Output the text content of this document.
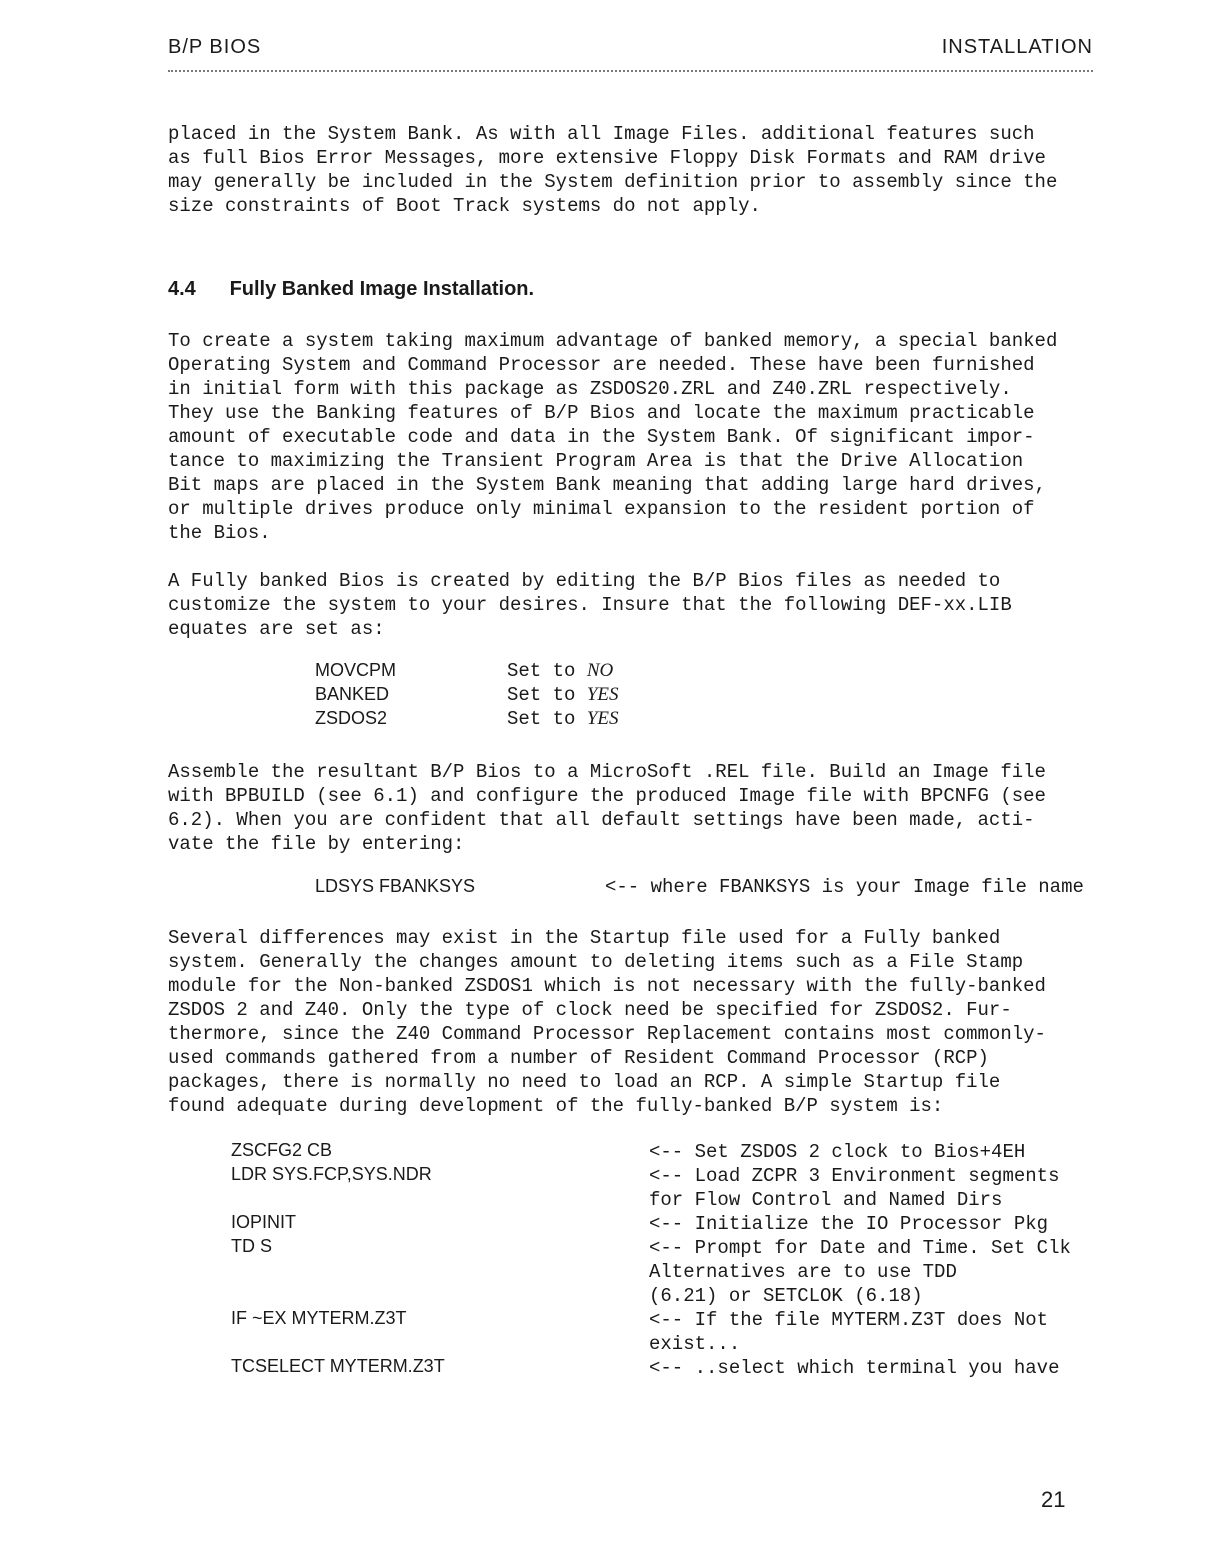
B/P BIOS	INSTALLATION
placed in the System Bank. As with all Image Files. additional features such
as full Bios Error Messages, more extensive Floppy Disk Formats and RAM drive
may generally be included in the System definition prior to assembly since the
size constraints of Boot Track systems do not apply.
4.4 Fully Banked Image Installation.
To create a system taking maximum advantage of banked memory, a special banked
Operating System and Command Processor are needed. These have been furnished
in initial form with this package as ZSDOS20.ZRL and Z40.ZRL respectively.
They use the Banking features of B/P Bios and locate the maximum practicable
amount of executable code and data in the System Bank. Of significant impor-
tance to maximizing the Transient Program Area is that the Drive Allocation
Bit maps are placed in the System Bank meaning that adding large hard drives,
or multiple drives produce only minimal expansion to the resident portion of
the Bios.
A Fully banked Bios is created by editing the B/P Bios files as needed to
customize the system to your desires. Insure that the following DEF-xx.LIB
equates are set as:
MOVCPM	Set to NO
BANKED	Set to YES
ZSDOS2	Set to YES
Assemble the resultant B/P Bios to a MicroSoft .REL file. Build an Image file
with BPBUILD (see 6.1) and configure the produced Image file with BPCNFG (see
6.2). When you are confident that all default settings have been made, acti-
vate the file by entering:
LDSYS FBANKSYS	<-- where FBANKSYS is your Image file name
Several differences may exist in the Startup file used for a Fully banked
system. Generally the changes amount to deleting items such as a File Stamp
module for the Non-banked ZSDOS1 which is not necessary with the fully-banked
ZSDOS 2 and Z40. Only the type of clock need be specified for ZSDOS2. Fur-
thermore, since the Z40 Command Processor Replacement contains most commonly-
used commands gathered from a number of Resident Command Processor (RCP)
packages, there is normally no need to load an RCP. A simple Startup file
found adequate during development of the fully-banked B/P system is:
ZSCFG2 CB	<-- Set ZSDOS 2 clock to Bios+4EH
LDR SYS.FCP,SYS.NDR	<-- Load ZCPR 3 Environment segments
for Flow Control and Named Dirs
IOPINIT	<-- Initialize the IO Processor Pkg
TD S	<-- Prompt for Date and Time. Set Clk
Alternatives are to use TDD
(6.21) or SETCLOK (6.18)
IF ~EX MYTERM.Z3T	<-- If the file MYTERM.Z3T does Not
exist...
TCSELECT MYTERM.Z3T	<-- ..select which terminal you have
21
